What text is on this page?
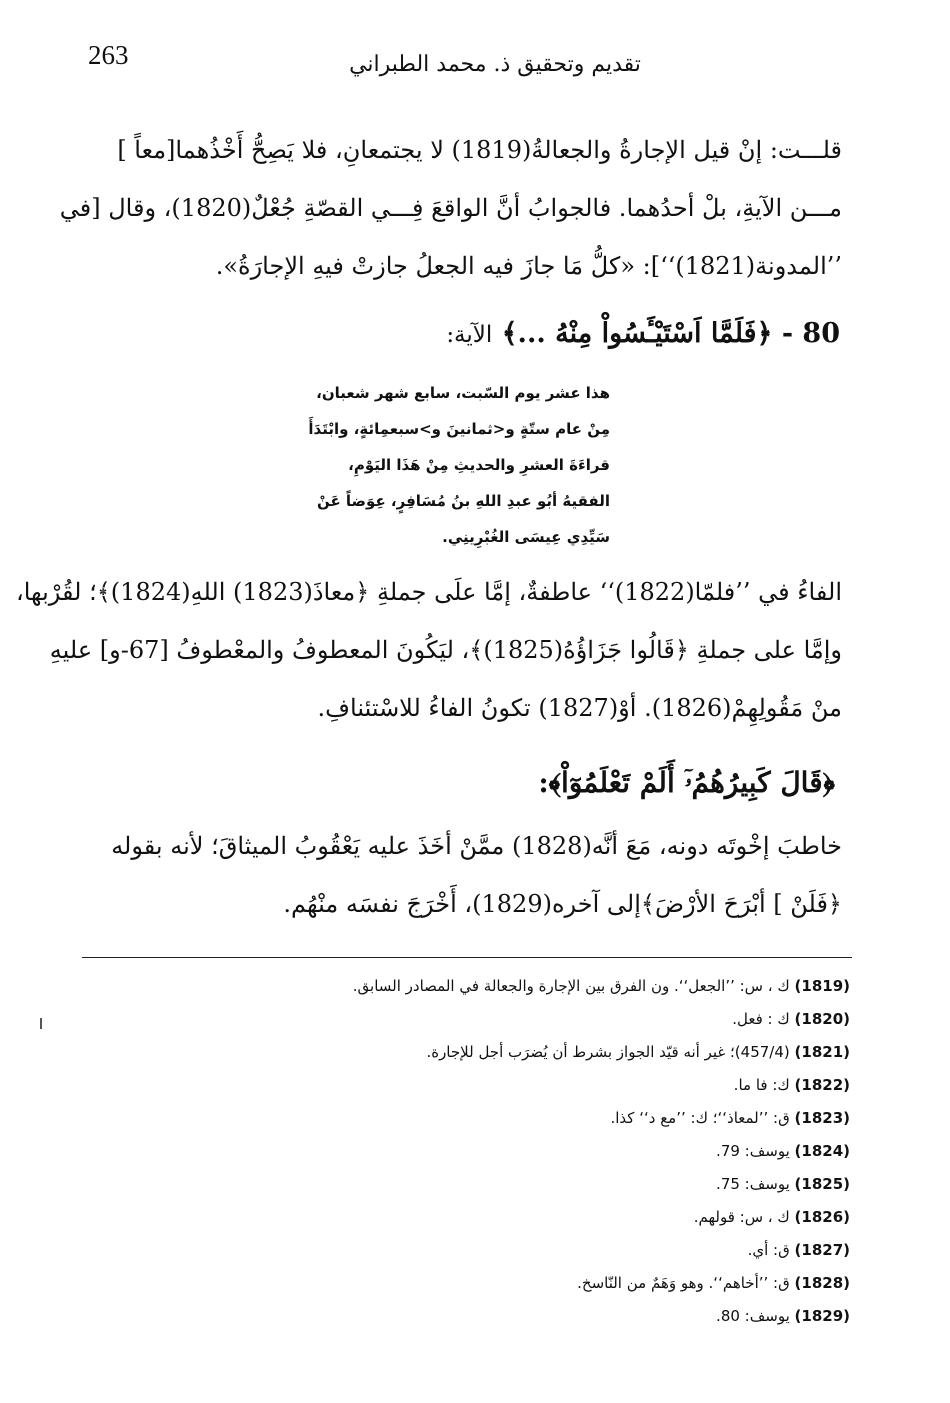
263	تقديم وتحقيق ذ. محمد الطبراني
قلـــت: إنْ قيل الإجارةُ والجعالةُ(1819) لا يجتمعانِ، فلا يَصِحُّ أَخْذُهما[معاً ]
مـــن الآيةِ، بلْ أحدُهما. فالجوابُ أنَّ الواقعَ فِـــي القصّةِ جُعْلٌ(1820)، وقال [في
’’المدونة(1821)‘‘]: «كلُّ مَا جازَ فيه الجعلُ جازتْ فيهِ الإجارَةُ».
80 - ﴿فَلَمَّا اَسْتَيْـَٔسُواْ مِنْهُ ...﴾ الآية:
هذا عشر يوم السّبت، سابع شهر شعبان،
مِنْ عام ستّةٍ و<ثمانينَ و>سبعمِائةٍ، وابْتَدَأَ
قراءَةَ العشرِ والحديثِ مِنْ هَذَا اليَوْمِ،
الفقيهُ أبُو عبدِ اللهِ بنُ مُسَافِرٍ، عِوَضاً عَنْ
سَيِّدِي عِيسَى الغُبْرِينِي.
الفاءُ في ’’فلمّا(1822)‘‘ عاطفةٌ، إمَّا علَى جملةِ ﴿معاذَ(1823) اللهِ(1824)﴾؛ لقُرْبها،
وإمَّا على جملةِ ﴿قَالُوا جَزَاؤُهُ(1825)﴾، ليَكُونَ المعطوفُ والمعْطوفُ [67-و] عليهِ
منْ مَقُولِهِمْ(1826). أوْ(1827) تكونُ الفاءُ للاسْتئنافِ.
﴿قَالَ كَبِيرُهُمُۥٓ أَلَمْ تَعْلَمُوٓاْ﴾:
خاطبَ إخْوتَه دونه، مَعَ أنَّه(1828) ممَّنْ أخَذَ عليه يَعْقُوبُ الميثاقَ؛ لأنه بقوله
﴿فَلَنْ ] أبْرَحَ الأرْضَ﴾إلى آخره(1829)، أَخْرَجَ نفسَه منْهُم.
(1819) ك ، س: ’’الجعل‘‘. ون الفرق بين الإجارة والجعالة في المصادر السابق.
(1820) ك : فعل.
(1821) (457/4)؛ غير أنه قيّد الجواز بشرط أن يُضرَب أجل للإجارة.
(1822) ك: فا ما.
(1823) ق: ’’لمعاذ‘‘؛ ك: ’’مع د‘‘ كذا.
(1824) يوسف: 79.
(1825) يوسف: 75.
(1826) ك ، س: قولهم.
(1827) ق: أي.
(1828) ق: ’’أخاهم‘‘. وهو وَهَمٌ من النّاسخ.
(1829) يوسف: 80.
